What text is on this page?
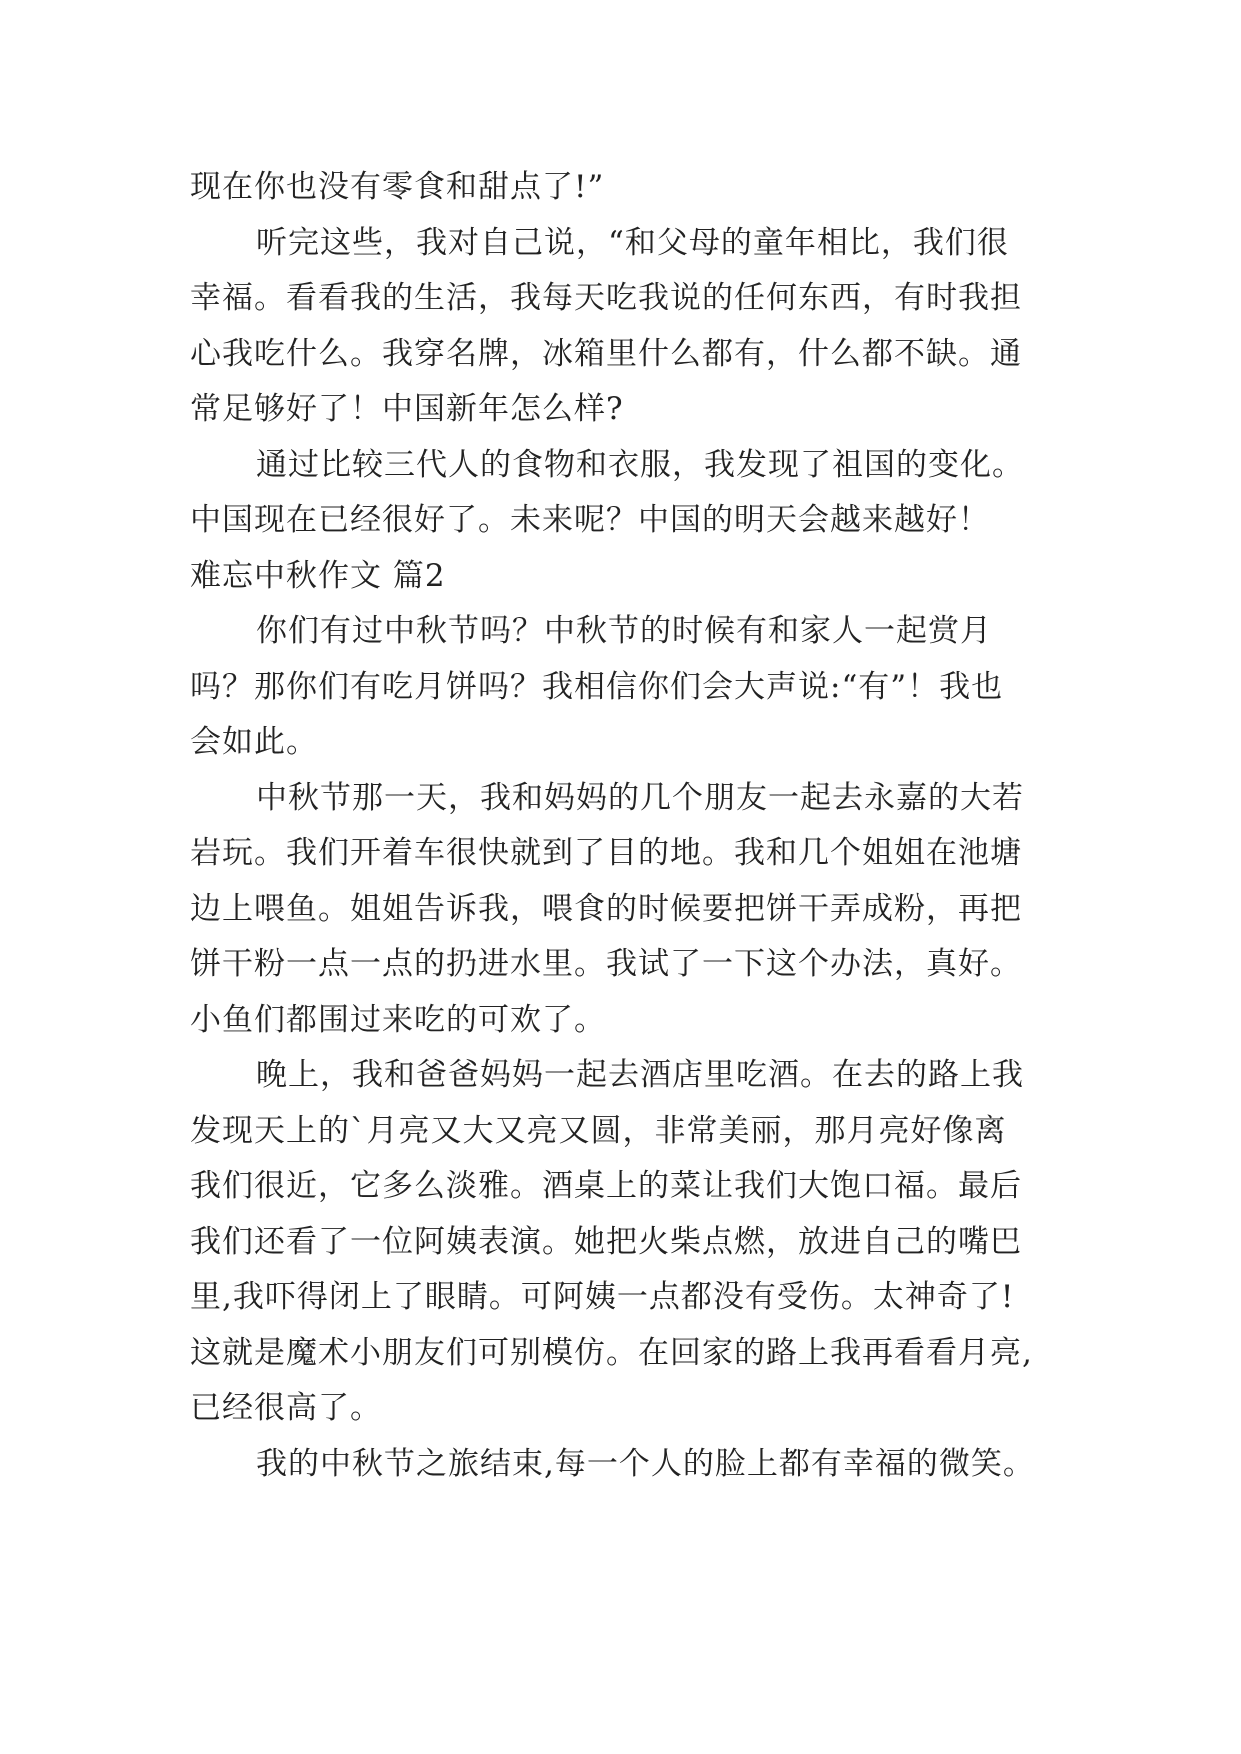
现在你也没有零食和甜点了!”
听完这些，我对自己说，“和父母的童年相比，我们很
幸福。看看我的生活，我每天吃我说的任何东西，有时我担
心我吃什么。我穿名牌，冰箱里什么都有，什么都不缺。通
常足够好了！中国新年怎么样?
通过比较三代人的食物和衣服，我发现了祖国的变化。
中国现在已经很好了。未来呢？中国的明天会越来越好！
难忘中秋作文 篇2
你们有过中秋节吗？中秋节的时候有和家人一起赏月
吗？那你们有吃月饼吗？我相信你们会大声说:“有”！我也
会如此。
中秋节那一天，我和妈妈的几个朋友一起去永嘉的大若
岩玩。我们开着车很快就到了目的地。我和几个姐姐在池塘
边上喂鱼。姐姐告诉我，喂食的时候要把饼干弄成粉，再把
饼干粉一点一点的扔进水里。我试了一下这个办法，真好。
小鱼们都围过来吃的可欢了。
晚上，我和爸爸妈妈一起去酒店里吃酒。在去的路上我
发现天上的`月亮又大又亮又圆，非常美丽，那月亮好像离
我们很近，它多么淡雅。酒桌上的菜让我们大饱口福。最后
我们还看了一位阿姨表演。她把火柴点燃，放进自己的嘴巴
里,我吓得闭上了眼睛。可阿姨一点都没有受伤。太神奇了!
这就是魔术小朋友们可别模仿。在回家的路上我再看看月亮,
已经很高了。
我的中秋节之旅结束,每一个人的脸上都有幸福的微笑。
